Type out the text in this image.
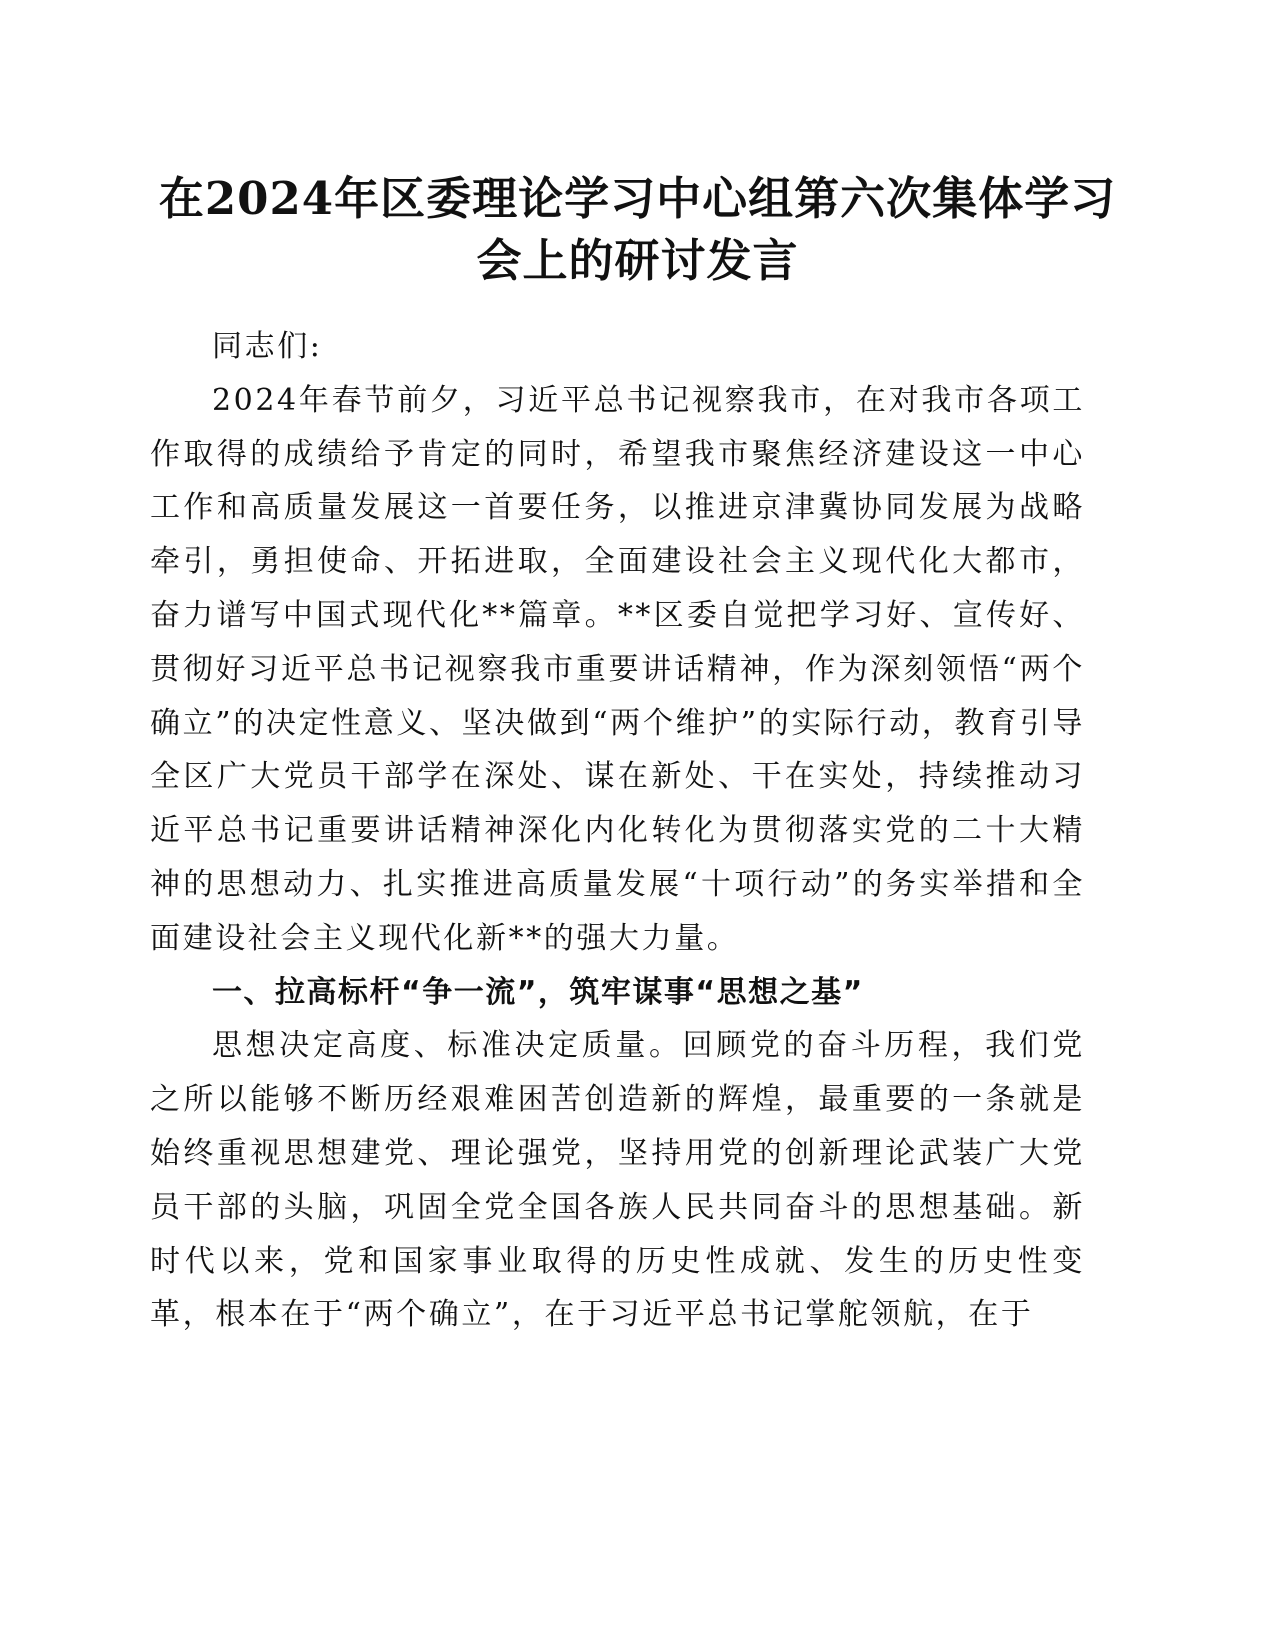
在2024年区委理论学习中心组第六次集体学习
会上的研讨发言

同志们:

2024年春节前夕，习近平总书记视察我市，在对我市各项工作取得的成绩给予肯定的同时，希望我市聚焦经济建设这一中心工作和高质量发展这一首要任务，以推进京津冀协同发展为战略牵引，勇担使命、开拓进取，全面建设社会主义现代化大都市，奋力谱写中国式现代化**篇章。**区委自觉把学习好、宣传好、贯彻好习近平总书记视察我市重要讲话精神，作为深刻领悟“两个确立”的决定性意义、坚决做到“两个维护”的实际行动，教育引导全区广大党员干部学在深处、谋在新处、干在实处，持续推动习近平总书记重要讲话精神深化内化转化为贯彻落实党的二十大精神的思想动力、扎实推进高质量发展“十项行动”的务实举措和全面建设社会主义现代化新**的强大力量。

一、拉高标杆“争一流”，筑牢谋事“思想之基”

思想决定高度、标准决定质量。回顾党的奋斗历程，我们党之所以能够不断历经艰难困苦创造新的辉煌，最重要的一条就是始终重视思想建党、理论强党，坚持用党的创新理论武装广大党员干部的头脑，巩固全党全国各族人民共同奋斗的思想基础。新时代以来，党和国家事业取得的历史性成就、发生的历史性变革，根本在于“两个确立”，在于习近平总书记掌舵领航，在于
